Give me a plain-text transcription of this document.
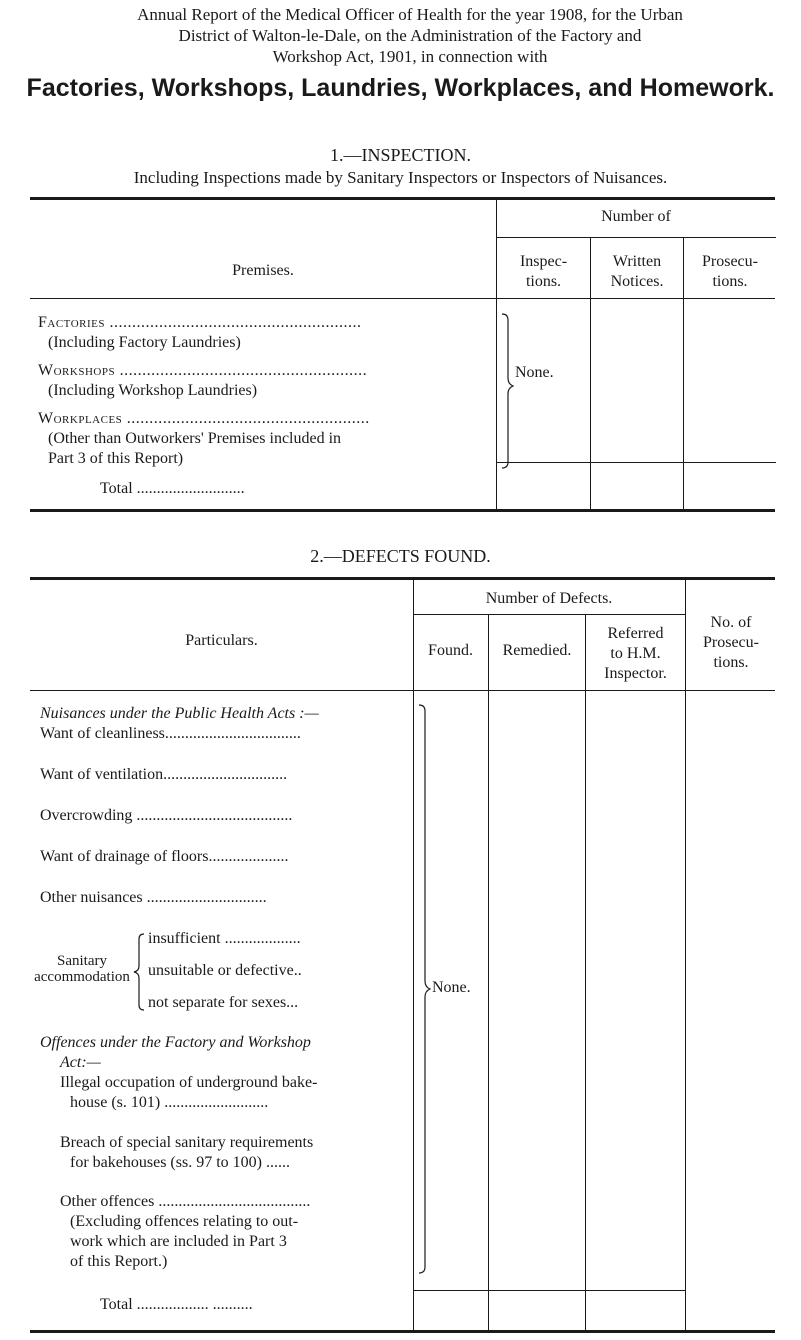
Annual Report of the Medical Officer of Health for the year 1908, for the Urban
District of Walton-le-Dale, on the Administration of the Factory and
Workshop Act, 1901, in connection with
Factories, Workshops, Laundries, Workplaces, and Homework.
1.—INSPECTION.
Including Inspections made by Sanitary Inspectors or Inspectors of Nuisances.
Premises.
Number of
Inspec-
tions.
Written
Notices.
Prosecu-
tions.
Factories ........................................................
(Including Factory Laundries)
Workshops .......................................................
(Including Workshop Laundries)
Workplaces ......................................................
(Other than Outworkers' Premises included in
Part 3 of this Report)
Total ...........................
None.
2.—DEFECTS FOUND.
Particulars.
Number of Defects.
Found.	Remedied.
Referred
to H.M.
Inspector.
No. of
Prosecu-
tions.
Nuisances under the Public Health Acts :—
Want of cleanliness..................................
Want of ventilation...............................
Overcrowding .......................................
Want of drainage of floors....................
Other nuisances ..............................
Sanitary
accommodation
insufficient ...................
unsuitable or defective..
not separate for sexes...
Offences under the Factory and Workshop
Act:—
Illegal occupation of underground bake-
house (s. 101) ..........................
Breach of special sanitary requirements
for bakehouses (ss. 97 to 100) ......
Other offences ......................................
(Excluding offences relating to out-
work which are included in Part 3
of this Report.)
Total .................. ..........
None.
